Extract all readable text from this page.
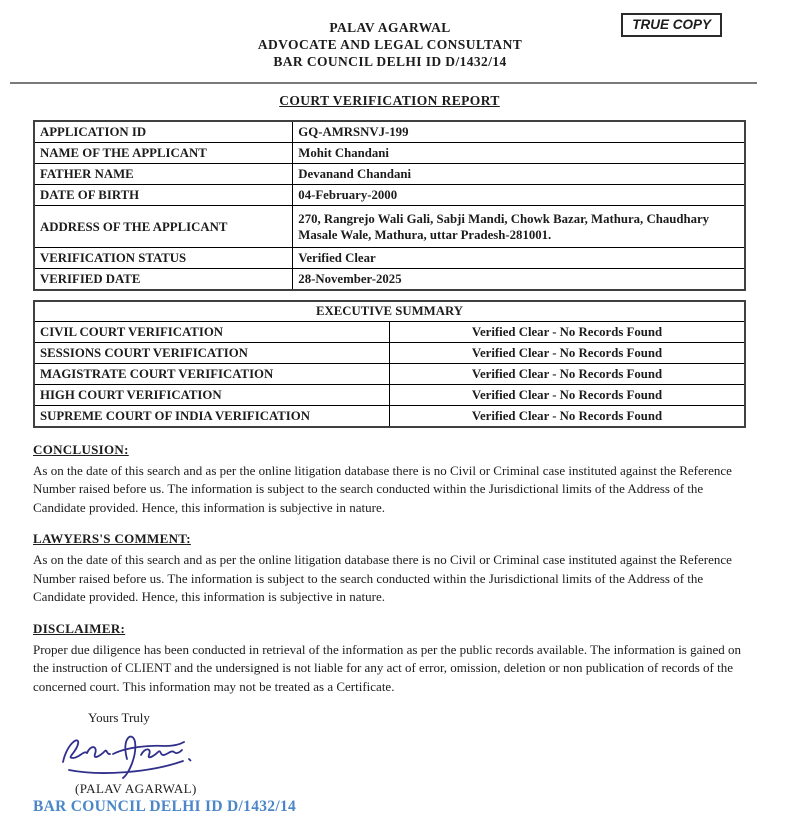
PALAV AGARWAL
ADVOCATE AND LEGAL CONSULTANT
BAR COUNCIL DELHI ID D/1432/14
TRUE COPY
COURT VERIFICATION REPORT
APPLICATION ID	GQ-AMRSNVJ-199
NAME OF THE APPLICANT	Mohit Chandani
FATHER NAME	Devanand Chandani
DATE OF BIRTH	04-February-2000
ADDRESS OF THE APPLICANT	270, Rangrejo Wali Gali, Sabji Mandi, Chowk Bazar, Mathura, Chaudhary Masale Wale, Mathura, uttar Pradesh-281001.
VERIFICATION STATUS	Verified Clear
VERIFIED DATE	28-November-2025
EXECUTIVE SUMMARY	
CIVIL COURT VERIFICATION	Verified Clear - No Records Found
SESSIONS COURT VERIFICATION	Verified Clear - No Records Found
MAGISTRATE COURT VERIFICATION	Verified Clear - No Records Found
HIGH COURT VERIFICATION	Verified Clear - No Records Found
SUPREME COURT OF INDIA VERIFICATION	Verified Clear - No Records Found
CONCLUSION:
As on the date of this search and as per the online litigation database there is no Civil or Criminal case instituted against the Reference Number raised before us. The information is subject to the search conducted within the Jurisdictional limits of the Address of the Candidate provided. Hence, this information is subjective in nature.
LAWYERS'S COMMENT:
As on the date of this search and as per the online litigation database there is no Civil or Criminal case instituted against the Reference Number raised before us. The information is subject to the search conducted within the Jurisdictional limits of the Address of the Candidate provided. Hence, this information is subjective in nature.
DISCLAIMER:
Proper due diligence has been conducted in retrieval of the information as per the public records available. The information is gained on the instruction of CLIENT and the undersigned is not liable for any act of error, omission, deletion or non publication of records of the concerned court. This information may not be treated as a Certificate.
Yours Truly
(PALAV AGARWAL)
BAR COUNCIL DELHI ID D/1432/14
